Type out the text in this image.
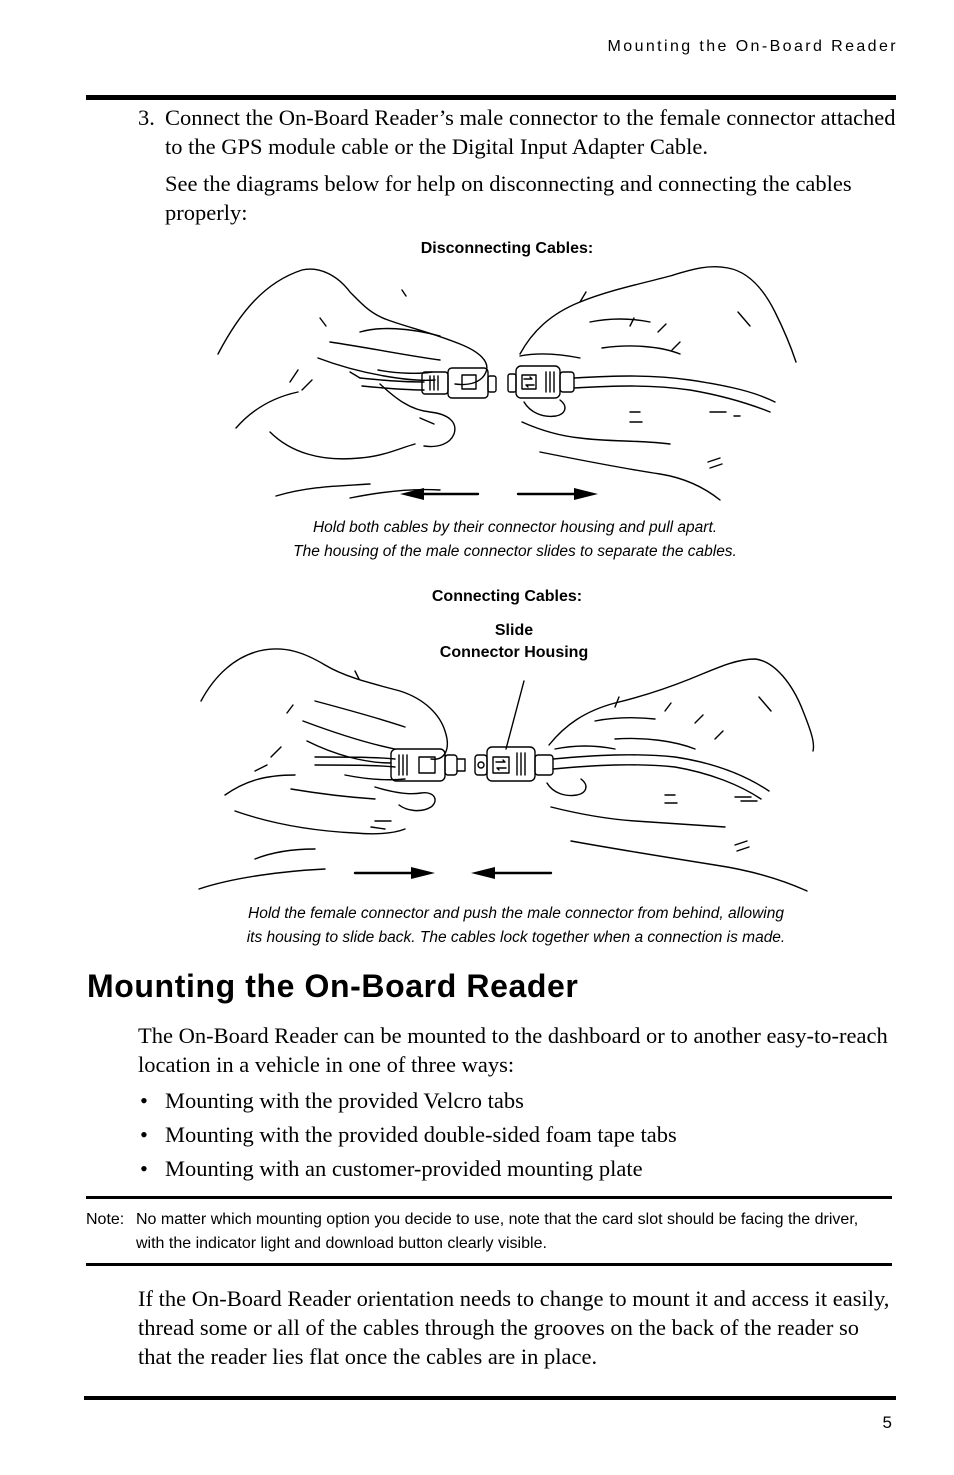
Mounting the On-Board Reader
3. Connect the On-Board Reader’s male connector to the female connector attached to the GPS module cable or the Digital Input Adapter Cable.

See the diagrams below for help on disconnecting and connecting the cables properly:

Disconnecting Cables:
Hold both cables by their connector housing and pull apart.
The housing of the male connector slides to separate the cables.
Connecting Cables:
Slide
Connector Housing
Hold the female connector and push the male connector from behind, allowing
its housing to slide back. The cables lock together when a connection is made.
Mounting the On-Board Reader

The On-Board Reader can be mounted to the dashboard or to another easy-to-reach location in a vehicle in one of three ways:

• Mounting with the provided Velcro tabs
• Mounting with the provided double-sided foam tape tabs
• Mounting with an customer-provided mounting plate
Note: No matter which mounting option you decide to use, note that the card slot should be facing the driver, with the indicator light and download button clearly visible.

If the On-Board Reader orientation needs to change to mount it and access it easily, thread some or all of the cables through the grooves on the back of the reader so that the reader lies flat once the cables are in place.

5
